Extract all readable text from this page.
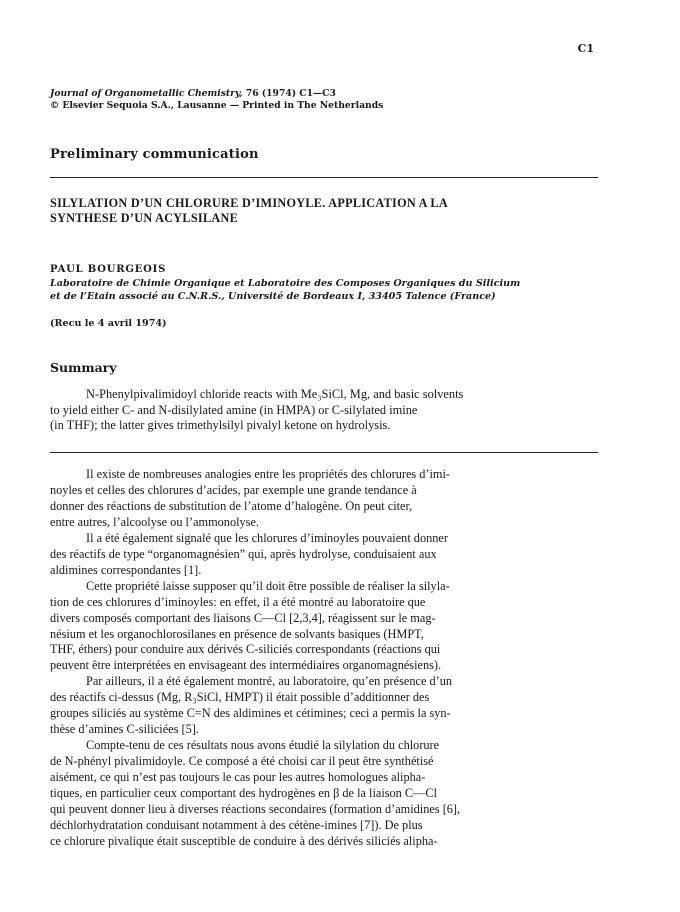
C1
Journal of Organometallic Chemistry, 76 (1974) C1—C3
© Elsevier Sequoia S.A., Lausanne — Printed in The Netherlands
Preliminary communication
SILYLATION D’UN CHLORURE D’IMINOYLE. APPLICATION A LA
SYNTHESE D’UN ACYLSILANE
PAUL BOURGEOIS
Laboratoire de Chimie Organique et Laboratoire des Composes Organiques du Silicium
et de l’Etain associé au C.N.R.S., Université de Bordeaux I, 33405 Talence (France)
(Recu le 4 avril 1974)
Summary
N-Phenylpivalimidoyl chloride reacts with Me₃SiCl, Mg, and basic solvents
to yield either C- and N-disilylated amine (in HMPA) or C-silylated imine
(in THF); the latter gives trimethylsilyl pivalyl ketone on hydrolysis.
Il existe de nombreuses analogies entre les propriétés des chlorures d’imi-
noyles et celles des chlorures d’acides, par exemple une grande tendance à
donner des réactions de substitution de l’atome d’halogène. On peut citer,
entre autres, l’alcoolyse ou l’ammonolyse.
Il a été également signalé que les chlorures d’iminoyles pouvaient donner
des réactifs de type “organomagnésien” qui, après hydrolyse, conduisaient aux
aldimines correspondantes [1].
Cette propriété laisse supposer qu’il doit être possible de réaliser la silyla-
tion de ces chlorures d’iminoyles: en effet, il a été montré au laboratoire que
divers composés comportant des liaisons C—Cl [2,3,4], réagissent sur le mag-
nésium et les organochlorosilanes en présence de solvants basiques (HMPT,
THF, éthers) pour conduire aux dérivés C-siliciés correspondants (réactions qui
peuvent être interprétées en envisageant des intermédiaires organomagnésiens).
Par ailleurs, il a été également montré, au laboratoire, qu’en présence d’un
des réactifs ci-dessus (Mg, R₃SiCl, HMPT) il était possible d’additionner des
groupes siliciés au système C=N des aldimines et cétimines; ceci a permis la syn-
thèse d’amines C-siliciées [5].
Compte-tenu de ces résultats nous avons étudié la silylation du chlorure
de N-phényl pivalimidoyle. Ce composé a été choisi car il peut être synthétisé
aisément, ce qui n’est pas toujours le cas pour les autres homologues alipha-
tiques, en particulier ceux comportant des hydrogènes en β de la liaison C—Cl
qui peuvent donner lieu à diverses réactions secondaires (formation d’amidines [6],
déchlorhydratation conduisant notamment à des cétène-imines [7]). De plus
ce chlorure pivalique était susceptible de conduire à des dérivés siliciés alipha-
